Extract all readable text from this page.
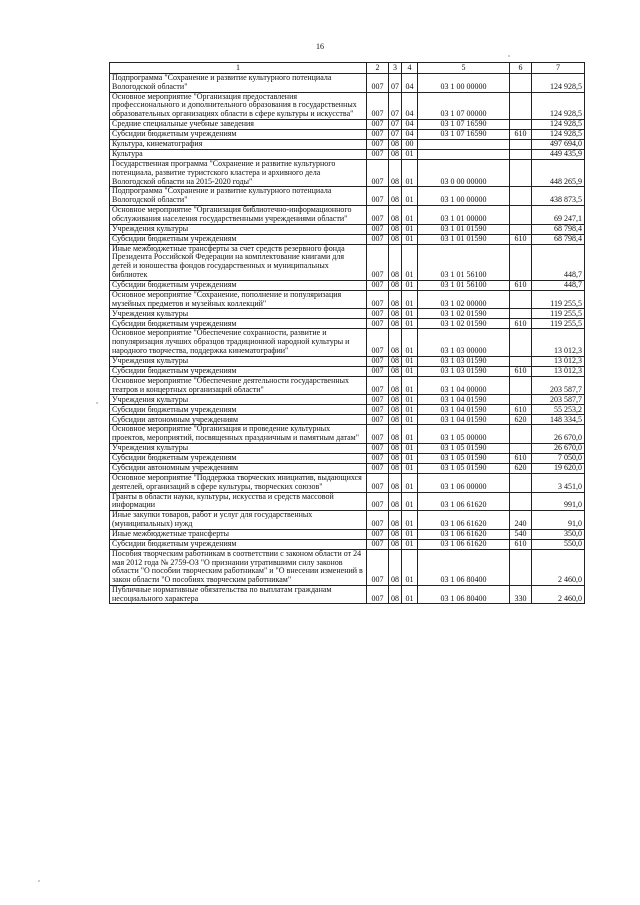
16
1	2	3	4	5	6	7
Подпрограмма "Сохранение и развитие культурного потенциала Вологодской области"	007	07	04	03 1 00 00000		124 928,5
Основное мероприятие "Организация предоставления профессионального и дополнительного образования в государственных образовательных организациях области в сфере культуры и искусства"	007	07	04	03 1 07 00000		124 928,5
Средние специальные учебные заведения	007	07	04	03 1 07 16590		124 928,5
Субсидии бюджетным учреждениям	007	07	04	03 1 07 16590	610	124 928,5
Культура, кинематография	007	08	00			497 694,0
Культура	007	08	01			449 435,9
Государственная программа "Сохранение и развитие культурного потенциала, развитие туристского кластера и архивного дела Вологодской области на 2015-2020 годы"	007	08	01	03 0 00 00000		448 265,9
Подпрограмма "Сохранение и развитие культурного потенциала Вологодской области"	007	08	01	03 1 00 00000		438 873,5
Основное мероприятие "Организация библиотечно-информационного обслуживания населения государственными учреждениями области"	007	08	01	03 1 01 00000		69 247,1
Учреждения культуры	007	08	01	03 1 01 01590		68 798,4
Субсидии бюджетным учреждениям	007	08	01	03 1 01 01590	610	68 798,4
Иные межбюджетные трансферты за счет средств резервного фонда Президента Российской Федерации на комплектование книгами для детей и юношества фондов государственных и муниципальных библиотек	007	08	01	03 1 01 56100		448,7
Субсидии бюджетным учреждениям	007	08	01	03 1 01 56100	610	448,7
Основное мероприятие "Сохранение, пополнение и популяризация музейных предметов и музейных коллекций"	007	08	01	03 1 02 00000		119 255,5
Учреждения культуры	007	08	01	03 1 02 01590		119 255,5
Субсидии бюджетным учреждениям	007	08	01	03 1 02 01590	610	119 255,5
Основное мероприятие "Обеспечение сохранности, развитие и популяризация лучших образцов традиционной народной культуры и народного творчества, поддержка кинематографии"	007	08	01	03 1 03 00000		13 012,3
Учреждения культуры	007	08	01	03 1 03 01590		13 012,3
Субсидии бюджетным учреждениям	007	08	01	03 1 03 01590	610	13 012,3
Основное мероприятие "Обеспечение деятельности государственных театров и концертных организаций области"	007	08	01	03 1 04 00000		203 587,7
Учреждения культуры	007	08	01	03 1 04 01590		203 587,7
Субсидии бюджетным учреждениям	007	08	01	03 1 04 01590	610	55 253,2
Субсидии автономным учреждениям	007	08	01	03 1 04 01590	620	148 334,5
Основное мероприятие "Организация и проведение культурных проектов, мероприятий, посвященных праздничным и памятным датам"	007	08	01	03 1 05 00000		26 670,0
Учреждения культуры	007	08	01	03 1 05 01590		26 670,0
Субсидии бюджетным учреждениям	007	08	01	03 1 05 01590	610	7 050,0
Субсидии автономным учреждениям	007	08	01	03 1 05 01590	620	19 620,0
Основное мероприятие "Поддержка творческих инициатив, выдающихся деятелей, организаций в сфере культуры, творческих союзов"	007	08	01	03 1 06 00000		3 451,0
Гранты в области науки, культуры, искусства и средств массовой информации	007	08	01	03 1 06 61620		991,0
Иные закупки товаров, работ и услуг для государственных (муниципальных) нужд	007	08	01	03 1 06 61620	240	91,0
Иные межбюджетные трансферты	007	08	01	03 1 06 61620	540	350,0
Субсидии бюджетным учреждениям	007	08	01	03 1 06 61620	610	550,0
Пособия творческим работникам в соответствии с законом области от 24 мая 2012 года № 2759-ОЗ "О признании утратившими силу законов области "О пособии творческим работникам" и "О внесении изменений в закон области "О пособиях творческим работникам"	007	08	01	03 1 06 80400		2 460,0
Публичные нормативные обязательства по выплатам гражданам несоциального характера	007	08	01	03 1 06 80400	330	2 460,0
